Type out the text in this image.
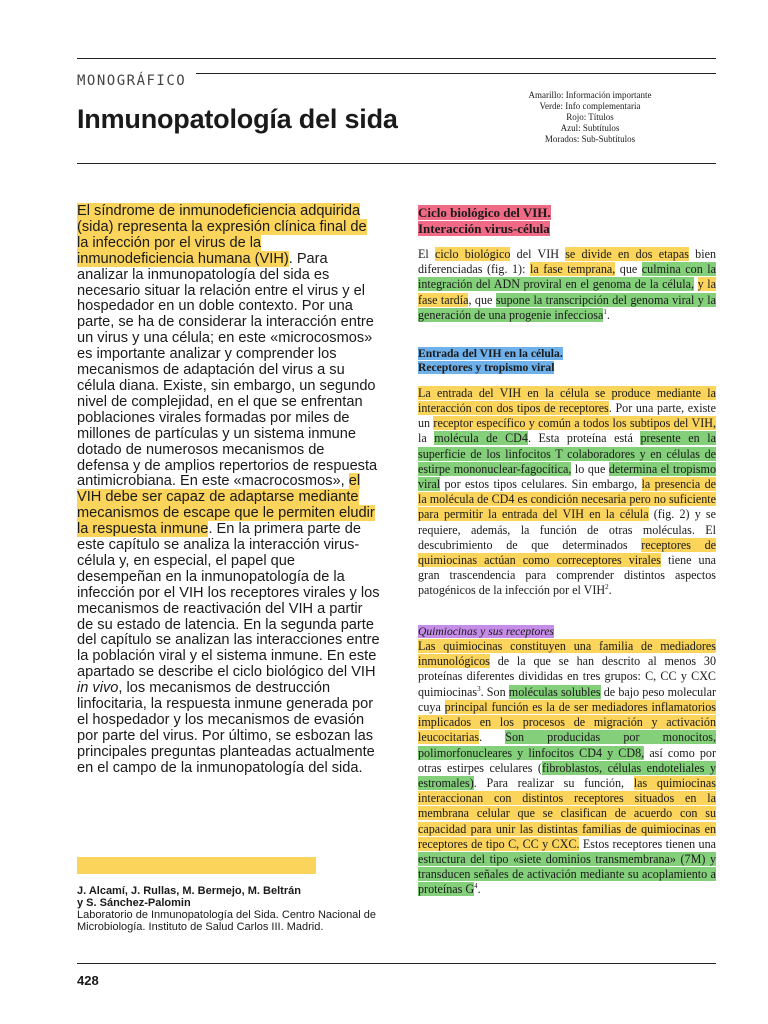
MONOGRÁFICO

Inmunopatología del sida
Amarillo: Información importante
Verde: Info complementaria
Rojo: Títulos
Azul: Subtítulos
Morados: Sub-Subtítulos

El síndrome de inmunodeficiencia adquirida (sida) representa la expresión clínica final de la infección por el virus de la inmunodeficiencia humana (VIH). Para analizar la inmunopatología del sida es necesario situar la relación entre el virus y el hospedador en un doble contexto. Por una parte, se ha de considerar la interacción entre un virus y una célula; en este «microcosmos» es importante analizar y comprender los mecanismos de adaptación del virus a su célula diana. Existe, sin embargo, un segundo nivel de complejidad, en el que se enfrentan poblaciones virales formadas por miles de millones de partículas y un sistema inmune dotado de numerosos mecanismos de defensa y de amplios repertorios de respuesta antimicrobiana. En este «macrocosmos», el VIH debe ser capaz de adaptarse mediante mecanismos de escape que le permiten eludir la respuesta inmune. En la primera parte de este capítulo se analiza la interacción virus-célula y, en especial, el papel que desempeñan en la inmunopatología de la infección por el VIH los receptores virales y los mecanismos de reactivación del VIH a partir de su estado de latencia. En la segunda parte del capítulo se analizan las interacciones entre la población viral y el sistema inmune. En este apartado se describe el ciclo biológico del VIH in vivo, los mecanismos de destrucción linfocitaria, la respuesta inmune generada por el hospedador y los mecanismos de evasión por parte del virus. Por último, se esbozan las principales preguntas planteadas actualmente en el campo de la inmunopatología del sida.

J. Alcamí, J. Rullas, M. Bermejo, M. Beltrán
y S. Sánchez-Palomin
Laboratorio de Inmunopatología del Sida. Centro Nacional de Microbiología. Instituto de Salud Carlos III. Madrid.

428

Ciclo biológico del VIH.
Interacción virus-célula

El ciclo biológico del VIH se divide en dos etapas bien diferenciadas (fig. 1): la fase temprana, que culmina con la integración del ADN proviral en el genoma de la célula, y la fase tardía, que supone la transcripción del genoma viral y la generación de una progenie infecciosa$^1$.

Entrada del VIH en la célula.
Receptores y tropismo viral

La entrada del VIH en la célula se produce mediante la interacción con dos tipos de receptores. Por una parte, existe un receptor específico y común a todos los subtipos del VIH, la molécula de CD4. Esta proteína está presente en la superficie de los linfocitos T colaboradores y en células de estirpe mononuclear-fagocítica, lo que determina el tropismo viral por estos tipos celulares. Sin embargo, la presencia de la molécula de CD4 es condición necesaria pero no suficiente para permitir la entrada del VIH en la célula (fig. 2) y se requiere, además, la función de otras moléculas. El descubrimiento de que determinados receptores de quimiocinas actúan como correceptores virales tiene una gran trascendencia para comprender distintos aspectos patogénicos de la infección por el VIH$^2$.

Quimiocinas y sus receptores

Las quimiocinas constituyen una familia de mediadores inmunológicos de la que se han descrito al menos 30 proteínas diferentes divididas en tres grupos: C, CC y CXC quimiocinas$^3$. Son moléculas solubles de bajo peso molecular cuya principal función es la de ser mediadores inflamatorios implicados en los procesos de migración y activación leucocitarias. Son producidas por monocitos, polimorfonucleares y linfocitos CD4 y CD8, así como por otras estirpes celulares (fibroblastos, células endoteliales y estromales). Para realizar su función, las quimiocinas interaccionan con distintos receptores situados en la membrana celular que se clasifican de acuerdo con su capacidad para unir las distintas familias de quimiocinas en receptores de tipo C, CC y CXC. Estos receptores tienen una estructura del tipo «siete dominios transmembrana» (7M) y transducen señales de activación mediante su acoplamiento a proteínas $G^4$.
